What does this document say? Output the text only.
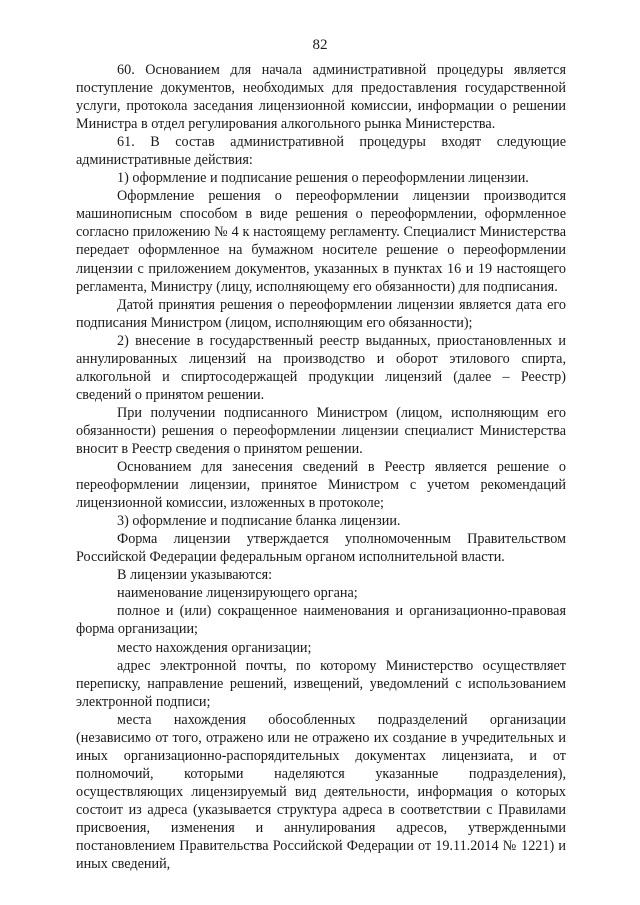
82

60. Основанием для начала административной процедуры является поступление документов, необходимых для предоставления государственной услуги, протокола заседания лицензионной комиссии, информации о решении Министра в отдел регулирования алкогольного рынка Министерства.

61. В состав административной процедуры входят следующие административные действия:

1) оформление и подписание решения о переоформлении лицензии.

Оформление решения о переоформлении лицензии производится машинописным способом в виде решения о переоформлении, оформленное согласно приложению № 4 к настоящему регламенту. Специалист Министерства передает оформленное на бумажном носителе решение о переоформлении лицензии с приложением документов, указанных в пунктах 16 и 19 настоящего регламента, Министру (лицу, исполняющему его обязанности) для подписания.

Датой принятия решения о переоформлении лицензии является дата его подписания Министром (лицом, исполняющим его обязанности);

2) внесение в государственный реестр выданных, приостановленных и аннулированных лицензий на производство и оборот этилового спирта, алкогольной и спиртосодержащей продукции лицензий (далее – Реестр) сведений о принятом решении.

При получении подписанного Министром (лицом, исполняющим его обязанности) решения о переоформлении лицензии специалист Министерства вносит в Реестр сведения о принятом решении.

Основанием для занесения сведений в Реестр является решение о переоформлении лицензии, принятое Министром с учетом рекомендаций лицензионной комиссии, изложенных в протоколе;

3) оформление и подписание бланка лицензии.

Форма лицензии утверждается уполномоченным Правительством Российской Федерации федеральным органом исполнительной власти.

В лицензии указываются:

наименование лицензирующего органа;

полное и (или) сокращенное наименования и организационно-правовая форма организации;

место нахождения организации;

адрес электронной почты, по которому Министерство осуществляет переписку, направление решений, извещений, уведомлений с использованием электронной подписи;

места нахождения обособленных подразделений организации (независимо от того, отражено или не отражено их создание в учредительных и иных организационно-распорядительных документах лицензиата, и от полномочий, которыми наделяются указанные подразделения), осуществляющих лицензируемый вид деятельности, информация о которых состоит из адреса (указывается структура адреса в соответствии с Правилами присвоения, изменения и аннулирования адресов, утвержденными постановлением Правительства Российской Федерации от 19.11.2014 № 1221) и иных сведений,
